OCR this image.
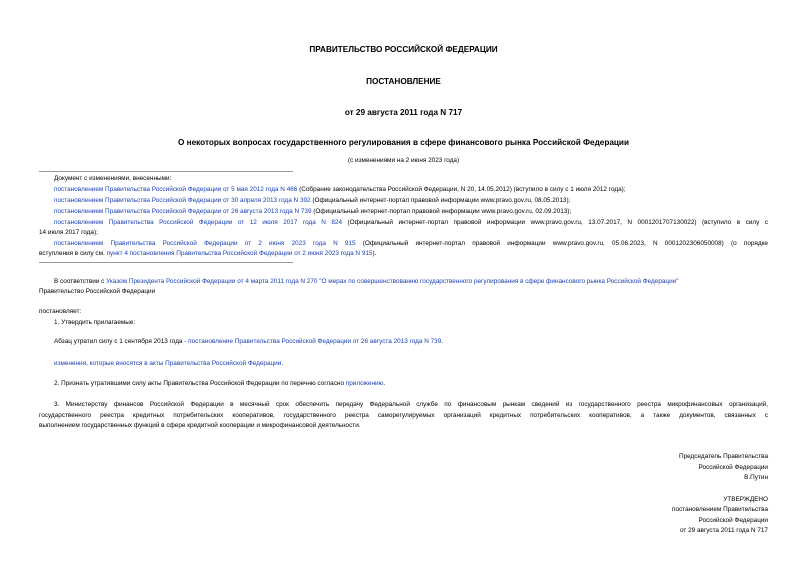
ПРАВИТЕЛЬСТВО РОССИЙСКОЙ ФЕДЕРАЦИИ
ПОСТАНОВЛЕНИЕ
от 29 августа 2011 года N 717
О некоторых вопросах государственного регулирования в сфере финансового рынка Российской Федерации
(с изменениями на 2 июня 2023 года)
Документ с изменениями, внесенными:
постановлением Правительства Российской Федерации от 5 мая 2012 года N 466 (Собрание законодательства Российской Федерации, N 20, 14.05.2012) (вступило в силу с 1 июля 2012 года);
постановлением Правительства Российской Федерации от 30 апреля 2013 года N 392 (Официальный интернет-портал правовой информации www.pravo.gov.ru, 08.05.2013);
постановлением Правительства Российской Федерации от 26 августа 2013 года N 739 (Официальный интернет-портал правовой информации www.pravo.gov.ru, 02.09.2013);
постановлением Правительства Российской Федерации от 12 июля 2017 года N 824 (Официальный интернет-портал правовой информации www.pravo.gov.ru, 13.07.2017, N 0001201707130022) (вступило в силу с
14 июля 2017 года);
постановлением Правительства Российской Федерации от 2 июня 2023 года N 915 (Официальный интернет-портал правовой информации www.pravo.gov.ru, 05.06.2023, N 0001202306050008) (о порядке
вступления в силу см. пункт 4 постановления Правительства Российской Федерации от 2 июня 2023 года N 915).
В соответствии с Указом Президента Российской Федерации от 4 марта 2011 года N 270 "О мерах по совершенствованию государственного регулирования в сфере финансового рынка Российской Федерации"
Правительство Российской Федерации
постановляет:
1. Утвердить прилагаемые:
Абзац утратил силу с 1 сентября 2013 года - постановление Правительства Российской Федерации от 26 августа 2013 года N 739.
изменения, которые вносятся в акты Правительства Российской Федерации.
2. Признать утратившими силу акты Правительства Российской Федерации по перечню согласно приложению.
3. Министерству финансов Российской Федерации в месячный срок обеспечить передачу Федеральной службе по финансовым рынкам сведений из государственного реестра микрофинансовых организаций,
государственного реестра кредитных потребительских кооперативов, государственного реестра саморегулируемых организаций кредитных потребительских кооперативов, а также документов, связанных с
выполнением государственных функций в сфере кредитной кооперации и микрофинансовой деятельности.
Председатель Правительства
Российской Федерации
В.Путин
УТВЕРЖДЕНО
постановлением Правительства
Российской Федерации
от 29 августа 2011 года N 717
